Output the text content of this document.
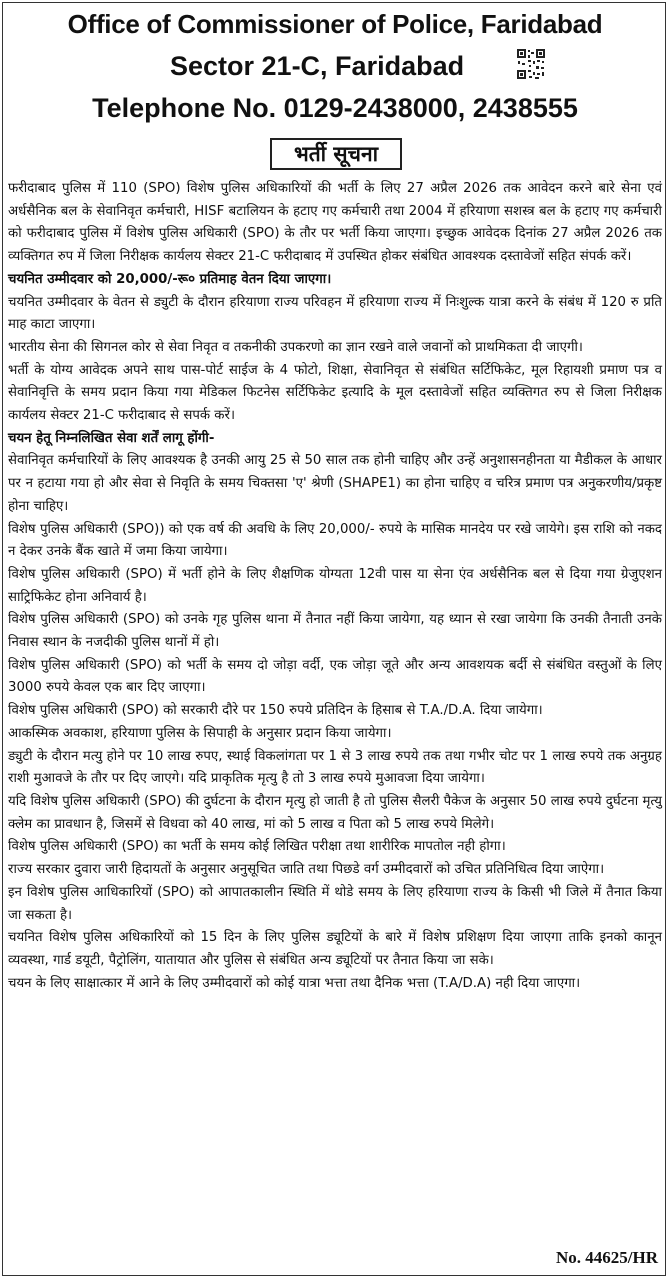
Office of Commissioner of Police, Faridabad
Sector 21-C, Faridabad
Telephone No. 0129-2438000, 2438555
भर्ती सूचना

फरीदाबाद पुलिस में 110 (SPO) विशेष पुलिस अधिकारियों की भर्ती के लिए 27 अप्रैल 2026 तक आवेदन करने बारे सेना एवं अर्धसैनिक बल के सेवानिवृत कर्मचारी, HISF बटालियन के हटाए गए कर्मचारी तथा 2004 में हरियाणा सशस्त्र बल के हटाए गए कर्मचारी को फरीदाबाद पुलिस में विशेष पुलिस अधिकारी (SPO) के तौर पर भर्ती किया जाएगा। इच्छुक आवेदक दिनांक 27 अप्रैल 2026 तक व्यक्तिगत रुप में जिला निरीक्षक कार्यलय सेक्टर 21-C फरीदाबाद में उपस्थित होकर संबंधित आवश्यक दस्तावेजों सहित संपर्क करें।

चयनित उम्मीदवार को 20,000/-रू० प्रतिमाह वेतन दिया जाएगा।

चयनित उम्मीदवार के वेतन से ड्युटी के दौरान हरियाणा राज्य परिवहन में हरियाणा राज्य में निःशुल्क यात्रा करने के संबंध में 120 रु प्रति माह काटा जाएगा।

भारतीय सेना की सिगनल कोर से सेवा निवृत व तकनीकी उपकरणो का ज्ञान रखने वाले जवानों को प्राथमिकता दी जाएगी।

भर्ती के योग्य आवेदक अपने साथ पास-पोर्ट साईज के 4 फोटो, शिक्षा, सेवानिवृत से संबंधित सर्टिफिकेट, मूल रिहायशी प्रमाण पत्र व सेवानिवृत्ति के समय प्रदान किया गया मेडिकल फिटनेस सर्टिफिकेट इत्यादि के मूल दस्तावेजों सहित व्यक्तिगत रुप से जिला निरीक्षक कार्यलय सेक्टर 21-C फरीदाबाद से सपर्क करें।

चयन हेतू निम्नलिखित सेवा शर्तें लागू होंगी-

सेवानिवृत कर्मचारियों के लिए आवश्यक है उनकी आयु 25 से 50 साल तक होनी चाहिए और उन्हें अनुशासनहीनता या मैडीकल के आधार पर न हटाया गया हो और सेवा से निवृति के समय चिक्तसा 'ए' श्रेणी (SHAPE1) का होना चाहिए व चरित्र प्रमाण पत्र अनुकरणीय/प्रकृष्ट होना चाहिए।

विशेष पुलिस अधिकारी (SPO)) को एक वर्ष की अवधि के लिए 20,000/- रुपये के मासिक मानदेय पर रखे जायेगे। इस राशि को नकद न देकर उनके बैंक खाते में जमा किया जायेगा।

विशेष पुलिस अधिकारी (SPO) में भर्ती होने के लिए शैक्षणिक योग्यता 12वी पास या सेना एंव अर्धसैनिक बल से दिया गया ग्रेजुएशन साट्रिफिकेट होना अनिवार्य है।

विशेष पुलिस अधिकारी (SPO) को उनके गृह पुलिस थाना में तैनात नहीं किया जायेगा, यह ध्यान से रखा जायेगा कि उनकी तैनाती उनके निवास स्थान के नजदीकी पुलिस थानों में हो।

विशेष पुलिस अधिकारी (SPO) को भर्ती के समय दो जोड़ा वर्दी, एक जोड़ा जूते और अन्य आवशयक बर्दी से संबंधित वस्तुओं के लिए 3000 रुपये केवल एक बार दिए जाएगा।

विशेष पुलिस अधिकारी (SPO) को सरकारी दौरे पर 150 रुपये प्रतिदिन के हिसाब से T.A./D.A. दिया जायेगा।

आकस्मिक अवकाश, हरियाणा पुलिस के सिपाही के अनुसार प्रदान किया जायेगा।

ड्युटी के दौरान मत्यु होने पर 10 लाख रुपए, स्थाई विकलांगता पर 1 से 3 लाख रुपये तक तथा गभीर चोट पर 1 लाख रुपये तक अनुग्रह राशी मुआवजे के तौर पर दिए जाएगे। यदि प्राकृतिक मृत्यु है तो 3 लाख रुपये मुआवजा दिया जायेगा।

यदि विशेष पुलिस अधिकारी (SPO) की दुर्घटना के दौरान मृत्यु हो जाती है तो पुलिस सैलरी पैकेज के अनुसार 50 लाख रुपये दुर्घटना मृत्यु क्लेम का प्रावधान है, जिसमें से विधवा को 40 लाख, मां को 5 लाख व पिता को 5 लाख रुपये मिलेगे।

विशेष पुलिस अधिकारी (SPO) का भर्ती के समय कोई लिखित परीक्षा तथा शारीरिक मापतोल नही होगा।

राज्य सरकार दुवारा जारी हिदायतों के अनुसार अनुसूचित जाति तथा पिछडे वर्ग उम्मीदवारों को उचित प्रतिनिधित्व दिया जाऐगा।

इन विशेष पुलिस आधिकारियों (SPO) को आपातकालीन स्थिति में थोडे समय के लिए हरियाणा राज्य के किसी भी जिले में तैनात किया जा सकता है।

चयनित विशेष पुलिस अधिकारियों को 15 दिन के लिए पुलिस ड्यूटियों के बारे में विशेष प्रशिक्षण दिया जाएगा ताकि इनको कानून व्यवस्था, गार्ड डयूटी, पैट्रोलिंग, यातायात और पुलिस से संबंधित अन्य ड्यूटियों पर तैनात किया जा सके।

चयन के लिए साक्षात्कार में आने के लिए उम्मीदवारों को कोई यात्रा भत्ता तथा दैनिक भत्ता (T.A/D.A) नही दिया जाएगा।

No. 44625/HR
